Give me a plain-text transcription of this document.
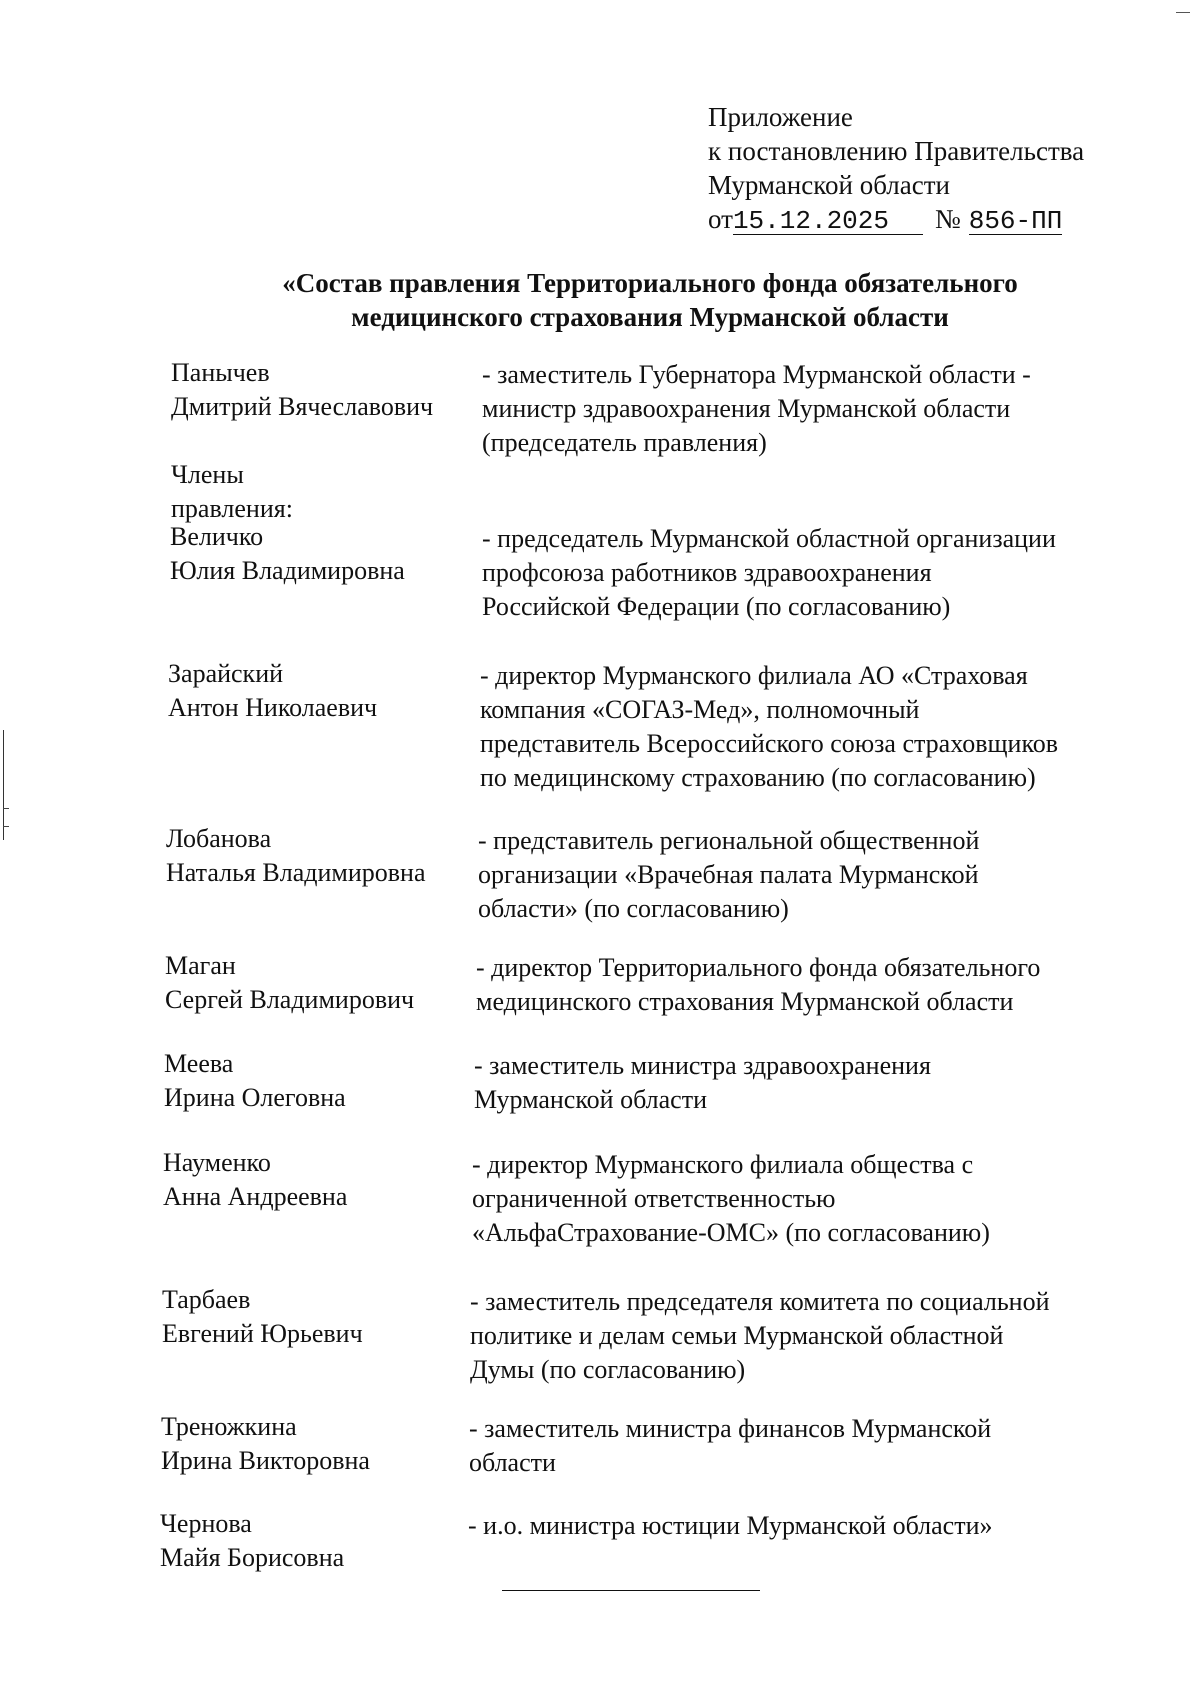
Приложение
к постановлению Правительства
Мурманской области
от 15.12.2025	№ 856-ПП
«Состав правления Территориального фонда обязательного
медицинского страхования Мурманской области
Панычев
Дмитрий Вячеславович
- заместитель Губернатора Мурманской области -
министр здравоохранения Мурманской области
(председатель правления)
Члены правления:
Величко
Юлия Владимировна
- председатель Мурманской областной организации
профсоюза работников здравоохранения
Российской Федерации (по согласованию)
Зарайский
Антон Николаевич
- директор Мурманского филиала АО «Страховая
компания «СОГАЗ-Мед», полномочный
представитель Всероссийского союза страховщиков
по медицинскому страхованию (по согласованию)
Лобанова
Наталья Владимировна
- представитель региональной общественной
организации «Врачебная палата Мурманской
области» (по согласованию)
Маган
Сергей Владимирович
- директор Территориального фонда обязательного
медицинского страхования Мурманской области
Меева
Ирина Олеговна
- заместитель министра здравоохранения
Мурманской области
Науменко
Анна Андреевна
- директор Мурманского филиала общества с
ограниченной ответственностью
«АльфаСтрахование-ОМС» (по согласованию)
Тарбаев
Евгений Юрьевич
- заместитель председателя комитета по социальной
политике и делам семьи Мурманской областной
Думы (по согласованию)
Треножкина
Ирина Викторовна
- заместитель министра финансов Мурманской
области
Чернова
Майя Борисовна
- и.о. министра юстиции Мурманской области»
